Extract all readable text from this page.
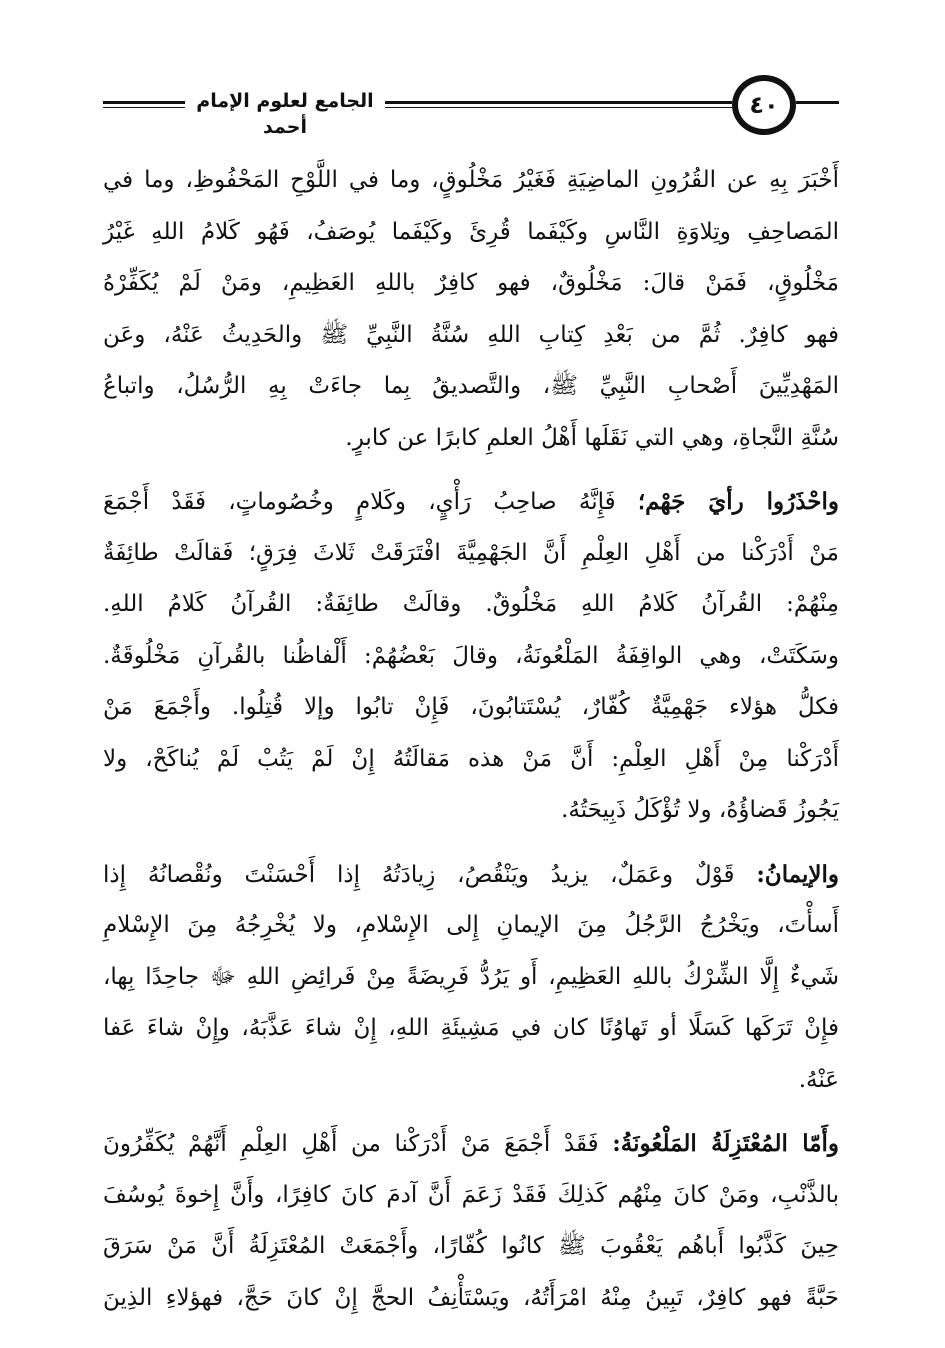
الجامع لعلوم الإمام أحمد
٤٠
أَخْبَرَ بِهِ عن القُرُونِ الماضِيَةِ فَغَيْرُ مَخْلُوقٍ، وما في اللَّوْحِ المَحْفُوظِ، وما في
المَصاحِفِ وتِلاوَةِ النَّاسِ وكَيْفَما قُرِئَ وكَيْفَما يُوصَفُ، فَهُو كَلامُ اللهِ غَيْرُ
مَخْلُوقٍ، فَمَنْ قالَ: مَخْلُوقٌ، فهو كافِرٌ باللهِ العَظِيمِ، ومَنْ لَمْ يُكَفِّرْهُ
فهو كافِرٌ. ثُمَّ من بَعْدِ كِتابِ اللهِ سُنَّةُ النَّبِيِّ ﷺ والحَدِيثُ عَنْهُ، وعَن
المَهْدِيِّينَ أَصْحابِ النَّبِيِّ ﷺ، والتَّصديقُ بِما جاءَتْ بِهِ الرُّسُلُ، واتباعُ
سُنَّةِ النَّجاةِ، وهي التي نَقَلَها أَهْلُ العلمِ كابرًا عن كابرٍ.
واحْذَرُوا رأيَ جَهْم؛ فَإِنَّهُ صاحِبُ رَأْيٍ، وكَلامٍ وخُصُوماتٍ، فَقَدْ أَجْمَعَ
مَنْ أَدْرَكْنا من أَهْلِ العِلْمِ أَنَّ الجَهْمِيَّةَ افْتَرَقَتْ ثَلاثَ فِرَقٍ؛ فَقالَتْ طائِفَةٌ
مِنْهُمْ: القُرآنُ كَلامُ اللهِ مَخْلُوقٌ. وقالَتْ طائِفَةٌ: القُرآنُ كَلامُ اللهِ.
وسَكَتَتْ، وهي الواقِفَةُ المَلْعُونَةُ، وقالَ بَعْضُهُمْ: أَلْفاظُنا بالقُرآنِ مَخْلُوقَةٌ.
فكلُّ هؤلاء جَهْمِيَّةٌ كُفّارٌ، يُسْتَتابُونَ، فَإِنْ تابُوا وإلا قُتِلُوا. وأَجْمَعَ مَنْ
أَدْرَكْنا مِنْ أَهْلِ العِلْمِ: أَنَّ مَنْ هذه مَقالَتُهُ إِنْ لَمْ يَتُبْ لَمْ يُناكَحْ، ولا
يَجُوزُ قَضاؤُهُ، ولا تُؤْكَلُ ذَبِيحَتُهُ.
والإيمانُ: قَوْلٌ وعَمَلٌ، يزيدُ ويَنْقُصُ، زِيادَتُهُ إِذا أَحْسَنْتَ ونُقْصانُهُ إِذا
أَسأْتَ، ويَخْرُجُ الرَّجُلُ مِنَ الإيمانِ إِلى الإِسْلامِ، ولا يُخْرِجُهُ مِنَ الإِسْلامِ
شَيءٌ إِلَّا الشِّرْكُ باللهِ العَظِيمِ، أَو يَرُدُّ فَرِيضَةً مِنْ فَرائِضِ اللهِ ﷻ جاحِدًا بِها،
فإِنْ تَرَكَها كَسَلًا أو تَهاوُنًا كان في مَشِيئَةِ اللهِ، إِنْ شاءَ عَذَّبَهُ، وإِنْ شاءَ عَفا
عَنْهُ.
وأَمّا المُعْتَزِلَةُ المَلْعُونَةُ: فَقَدْ أَجْمَعَ مَنْ أَدْرَكْنا من أَهْلِ العِلْمِ أَنَّهُمْ يُكَفِّرُونَ
بالذَّنْبِ، ومَنْ كانَ مِنْهُم كَذلِكَ فَقَدْ زَعَمَ أَنَّ آدمَ كانَ كافِرًا، وأَنَّ إِخوةَ يُوسُفَ
حِينَ كَذَّبُوا أَباهُم يَعْقُوبَ ﷺ كانُوا كُفّارًا، وأَجْمَعَتْ المُعْتَزِلَةُ أَنَّ مَنْ سَرَقَ
حَبَّةً فهو كافِرٌ، تَبِينُ مِنْهُ امْرَأَتُهُ، ويَسْتَأْنِفُ الحجَّ إِنْ كانَ حَجَّ، فهؤلاءِ الذِينَ
